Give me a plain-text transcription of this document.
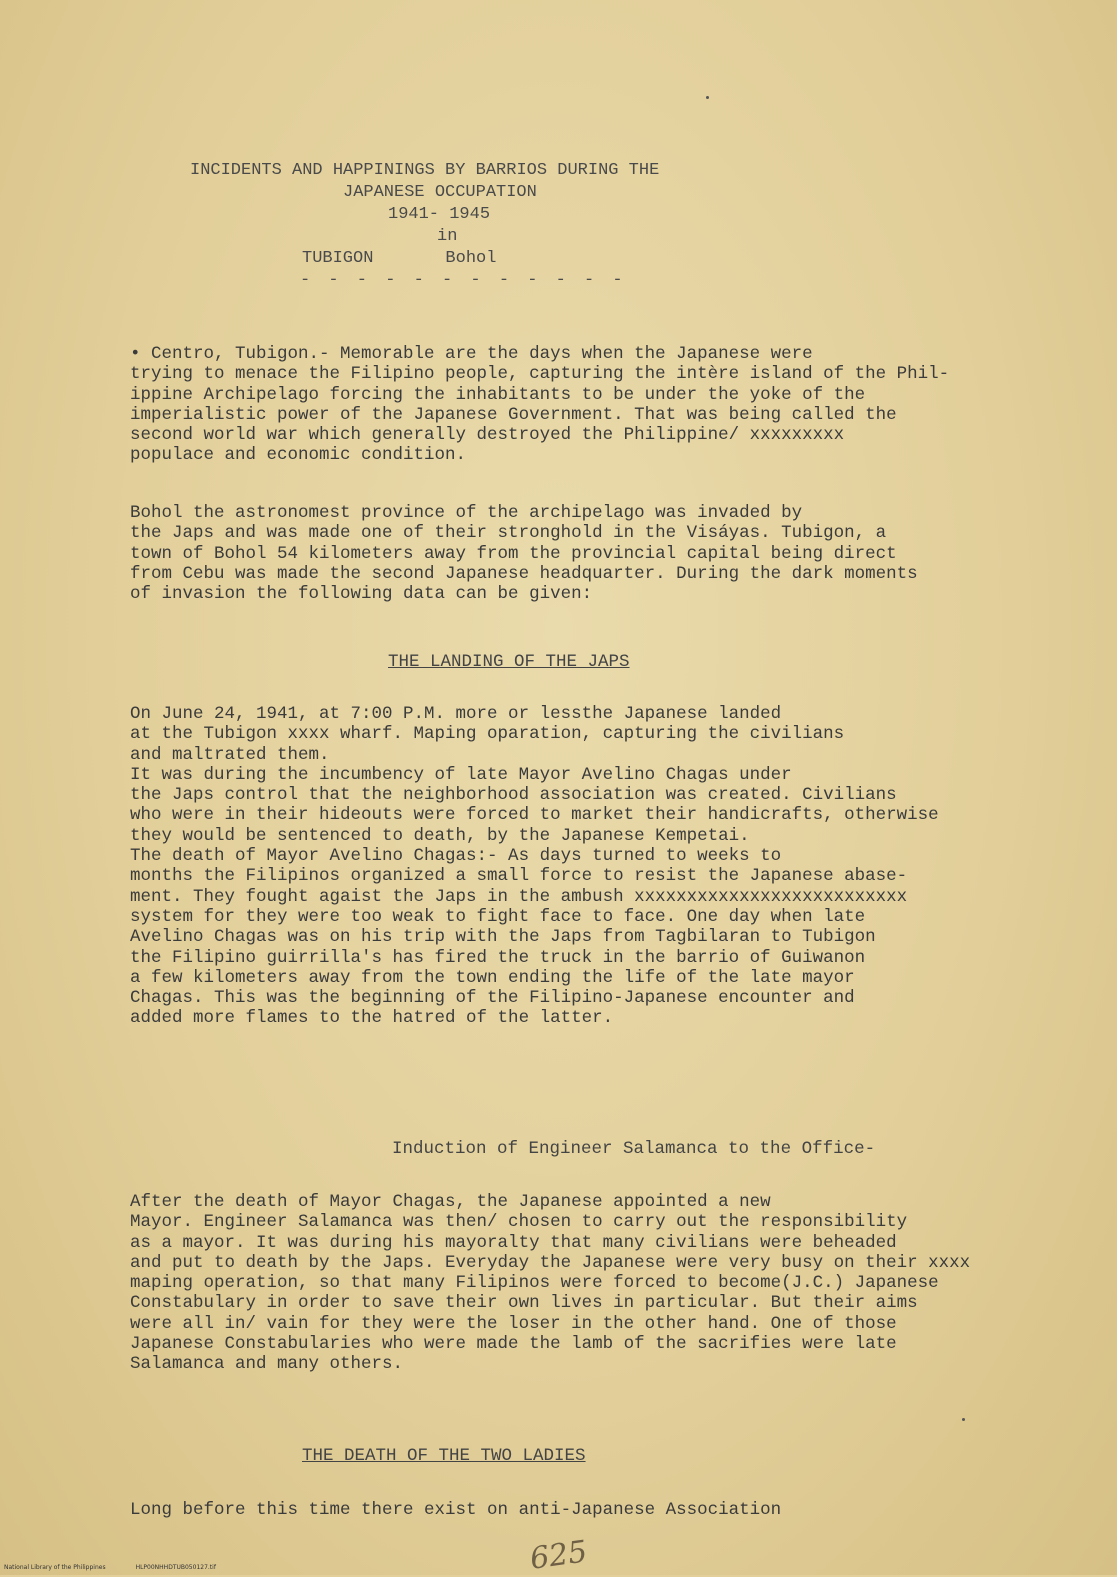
INCIDENTS AND HAPPININGS BY BARRIOS DURING THE
JAPANESE OCCUPATION
1941- 1945
in
TUBIGON	Bohol
- - - - - - - - - - - -
• Centro, Tubigon.- Memorable are the days when the Japanese were
trying to menace the Filipino people, capturing the intère island of the Phil-
ippine Archipelago forcing the inhabitants to be under the yoke of the
imperialistic power of the Japanese Government. That was being called the
second world war which generally destroyed the Philippine/ xxxxxxxxx
populace and economic condition.
Bohol the astronomest province of the archipelago was invaded by
the Japs and was made one of their stronghold in the Visáyas. Tubigon, a
town of Bohol 54 kilometers away from the provincial capital being direct
from Cebu was made the second Japanese headquarter. During the dark moments
of invasion the following data can be given:
THE LANDING OF THE JAPS
On June 24, 1941, at 7:00 P.M. more or lessthe Japanese landed
at the Tubigon xxxx wharf. Maping oparation, capturing the civilians
and maltrated them.
It was during the incumbency of late Mayor Avelino Chagas under
the Japs control that the neighborhood association was created. Civilians
who were in their hideouts were forced to market their handicrafts, otherwise
they would be sentenced to death, by the Japanese Kempetai.
The death of Mayor Avelino Chagas:- As days turned to weeks to
months the Filipinos organized a small force to resist the Japanese abase-
ment. They fought agaist the Japs in the ambush xxxxxxxxxxxxxxxxxxxxxxxxxx
system for they were too weak to fight face to face. One day when late
Avelino Chagas was on his trip with the Japs from Tagbilaran to Tubigon
the Filipino guirrilla's has fired the truck in the barrio of Guiwanon
a few kilometers away from the town ending the life of the late mayor
Chagas. This was the beginning of the Filipino-Japanese encounter and
added more flames to the hatred of the latter.
Induction of Engineer Salamanca to the Office-
After the death of Mayor Chagas, the Japanese appointed a new
Mayor. Engineer Salamanca was then/ chosen to carry out the responsibility
as a mayor. It was during his mayoralty that many civilians were beheaded
and put to death by the Japs. Everyday the Japanese were very busy on their xxxx
maping operation, so that many Filipinos were forced to become(J.C.) Japanese
Constabulary in order to save their own lives in particular. But their aims
were all in/ vain for they were the loser in the other hand. One of those
Japanese Constabularies who were made the lamb of the sacrifies were late
Salamanca and many others.
THE DEATH OF THE TWO LADIES
Long before this time there exist on anti-Japanese Association
625
National Library of the Philippines	HLP00NHHDTUB050127.tif
